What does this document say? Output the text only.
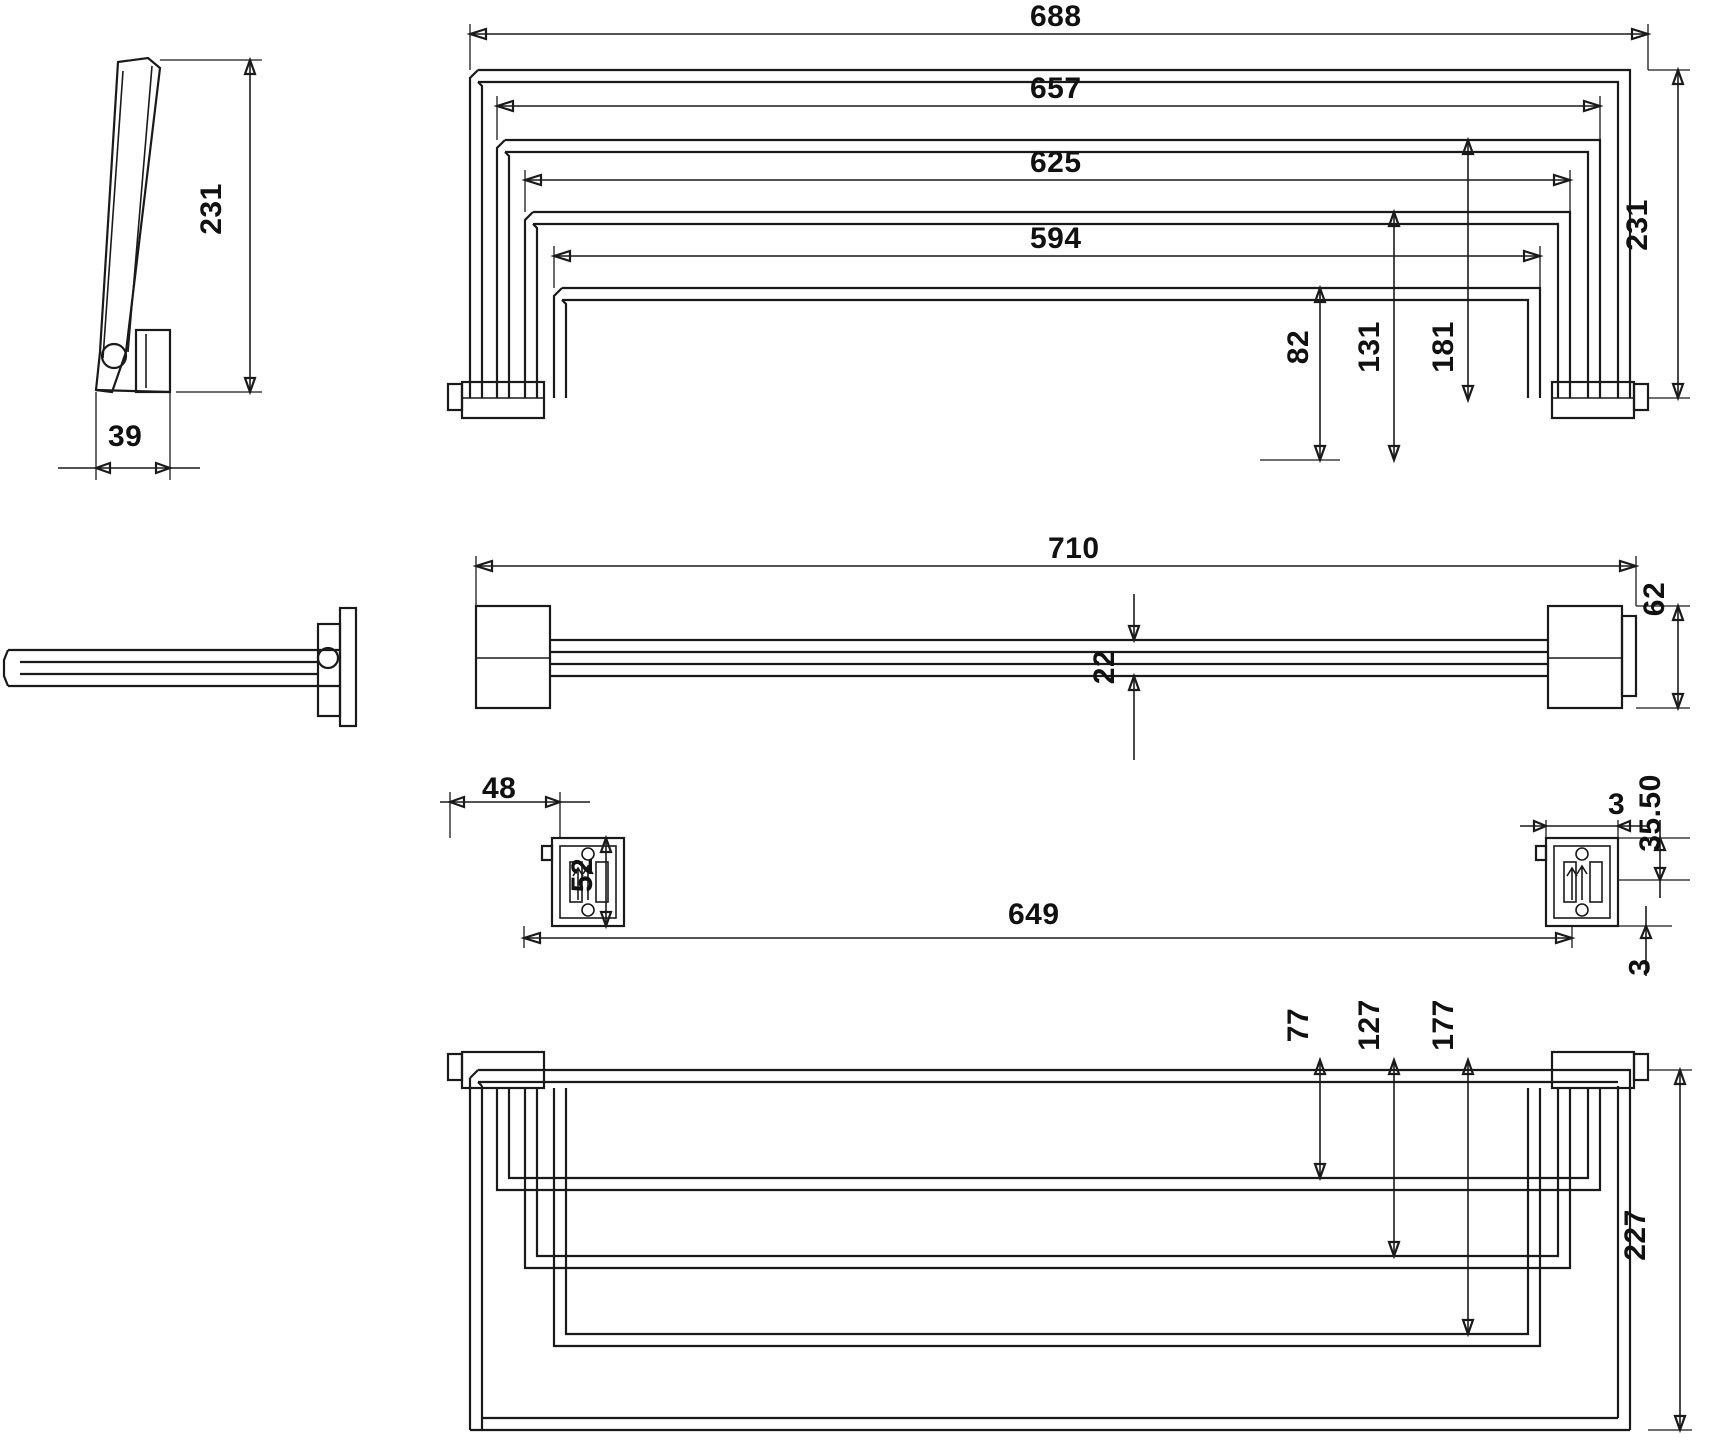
231
39
688
657
625
594	231
82 131 181
710
62
22
48
52
649
3 35.50
3
77 127 177
227
